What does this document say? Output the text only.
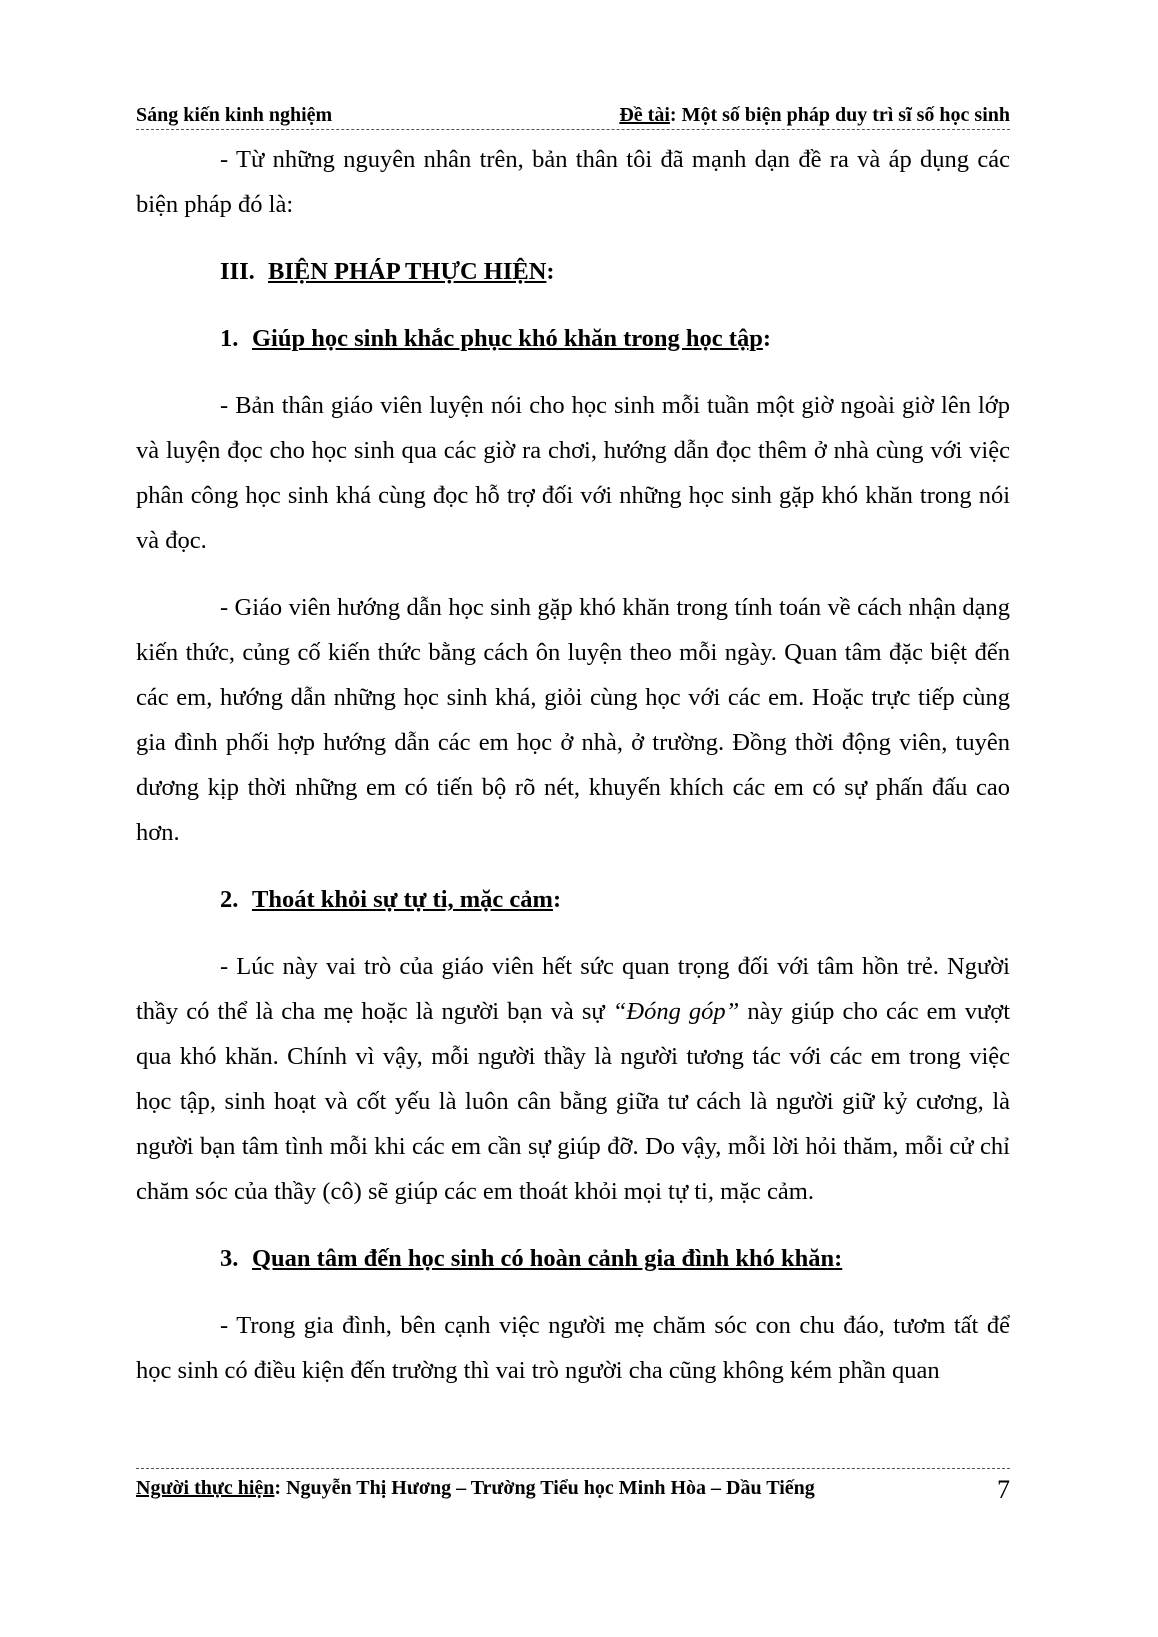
Sáng kiến kinh nghiệm	Đề tài: Một số biện pháp duy trì sĩ số học sinh

- Từ những nguyên nhân trên, bản thân tôi đã mạnh dạn đề ra và áp dụng các biện pháp đó là:

III. BIỆN PHÁP THỰC HIỆN:
1. Giúp học sinh khắc phục khó khăn trong học tập:

- Bản thân giáo viên luyện nói cho học sinh mỗi tuần một giờ ngoài giờ lên lớp và luyện đọc cho học sinh qua các giờ ra chơi, hướng dẫn đọc thêm ở nhà cùng với việc phân công học sinh khá cùng đọc hỗ trợ đối với những học sinh gặp khó khăn trong nói và đọc.

- Giáo viên hướng dẫn học sinh gặp khó khăn trong tính toán về cách nhận dạng kiến thức, củng cố kiến thức bằng cách ôn luyện theo mỗi ngày. Quan tâm đặc biệt đến các em, hướng dẫn những học sinh khá, giỏi cùng học với các em. Hoặc trực tiếp cùng gia đình phối hợp hướng dẫn các em học ở nhà, ở trường. Đồng thời động viên, tuyên dương kịp thời những em có tiến bộ rõ nét, khuyến khích các em có sự phấn đấu cao hơn.

2. Thoát khỏi sự tự ti, mặc cảm:

- Lúc này vai trò của giáo viên hết sức quan trọng đối với tâm hồn trẻ. Người thầy có thể là cha mẹ hoặc là người bạn và sự “Đóng góp” này giúp cho các em vượt qua khó khăn. Chính vì vậy, mỗi người thầy là người tương tác với các em trong việc học tập, sinh hoạt và cốt yếu là luôn cân bằng giữa tư cách là người giữ kỷ cương, là người bạn tâm tình mỗi khi các em cần sự giúp đỡ. Do vậy, mỗi lời hỏi thăm, mỗi cử chỉ chăm sóc của thầy (cô) sẽ giúp các em thoát khỏi mọi tự ti, mặc cảm.

3. Quan tâm đến học sinh có hoàn cảnh gia đình khó khăn:

- Trong gia đình, bên cạnh việc người mẹ chăm sóc con chu đáo, tươm tất để học sinh có điều kiện đến trường thì vai trò người cha cũng không kém phần quan

Người thực hiện: Nguyễn Thị Hương – Trường Tiểu học Minh Hòa – Dầu Tiếng	7
